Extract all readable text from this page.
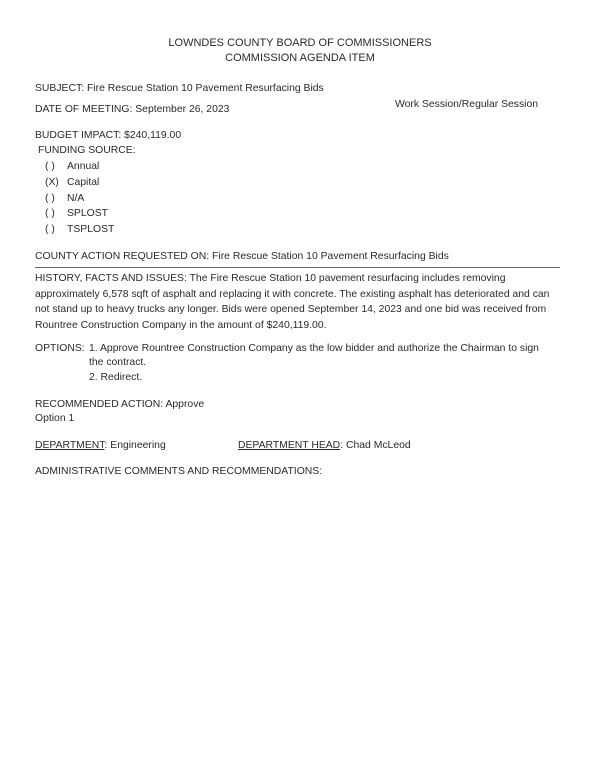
LOWNDES COUNTY BOARD OF COMMISSIONERS
COMMISSION AGENDA ITEM
SUBJECT: Fire Rescue Station 10 Pavement Resurfacing Bids
DATE OF MEETING: September 26, 2023	Work Session/Regular Session
BUDGET IMPACT: $240,119.00
FUNDING SOURCE:
( ) Annual
(X) Capital
( ) N/A
( ) SPLOST
( ) TSPLOST
COUNTY ACTION REQUESTED ON: Fire Rescue Station 10 Pavement Resurfacing Bids
HISTORY, FACTS AND ISSUES: The Fire Rescue Station 10 pavement resurfacing includes removing approximately 6,578 sqft of asphalt and replacing it with concrete. The existing asphalt has deteriorated and can not stand up to heavy trucks any longer. Bids were opened September 14, 2023 and one bid was received from Rountree Construction Company in the amount of $240,119.00.
OPTIONS: 1. Approve Rountree Construction Company as the low bidder and authorize the Chairman to sign
the contract.
2. Redirect.
RECOMMENDED ACTION: Approve
Option 1
DEPARTMENT: Engineering	DEPARTMENT HEAD: Chad McLeod
ADMINISTRATIVE COMMENTS AND RECOMMENDATIONS:
